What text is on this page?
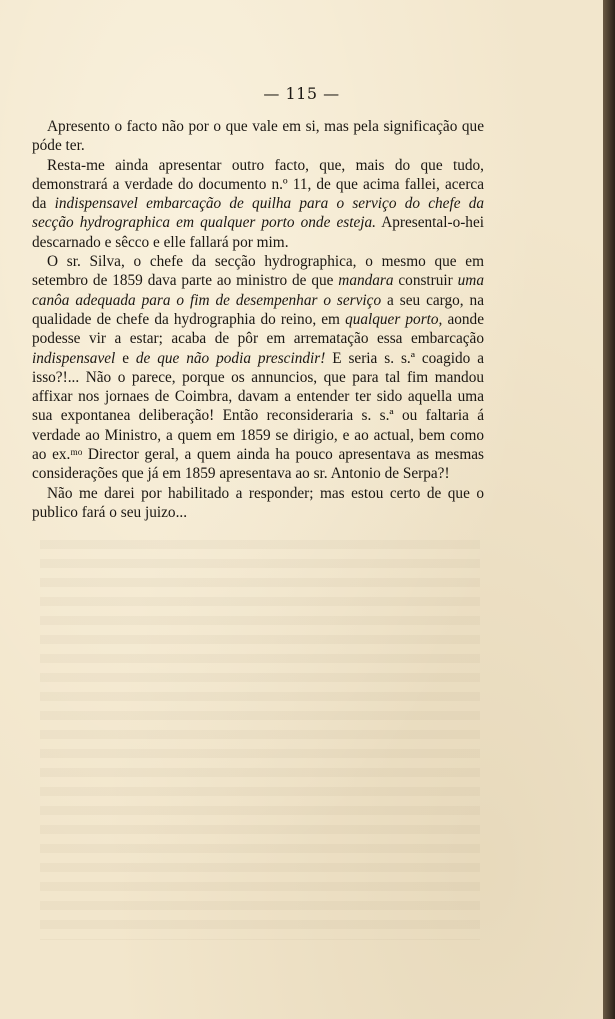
— 115 —

Apresento o facto não por o que vale em si, mas pela significação que póde ter.

Resta-me ainda apresentar outro facto, que, mais do que tudo, demonstrará a verdade do documento n.º 11, de que acima fallei, acerca da indispensavel embarcação de quilha para o serviço do chefe da secção hydrographica em qualquer porto onde esteja. Apresental-o-hei descarnado e sêcco e elle fallará por mim.

O sr. Silva, o chefe da secção hydrographica, o mesmo que em setembro de 1859 dava parte ao ministro de que mandara construir uma canôa adequada para o fim de desempenhar o serviço a seu cargo, na qualidade de chefe da hydrographia do reino, em qualquer porto, aonde podesse vir a estar; acaba de pôr em arrematação essa embarcação indispensavel e de que não podia prescindir! E seria s. s.ª coagido a isso?!... Não o parece, porque os annuncios, que para tal fim mandou affixar nos jornaes de Coimbra, davam a entender ter sido aquella uma sua expontanea deliberação! Então reconsideraria s. s.ª ou faltaria á verdade ao Ministro, a quem em 1859 se dirigio, e ao actual, bem como ao ex.ᵐᵒ Director geral, a quem ainda ha pouco apresentava as mesmas considerações que já em 1859 apresentava ao sr. Antonio de Serpa?!

Não me darei por habilitado a responder; mas estou certo de que o publico fará o seu juizo...
